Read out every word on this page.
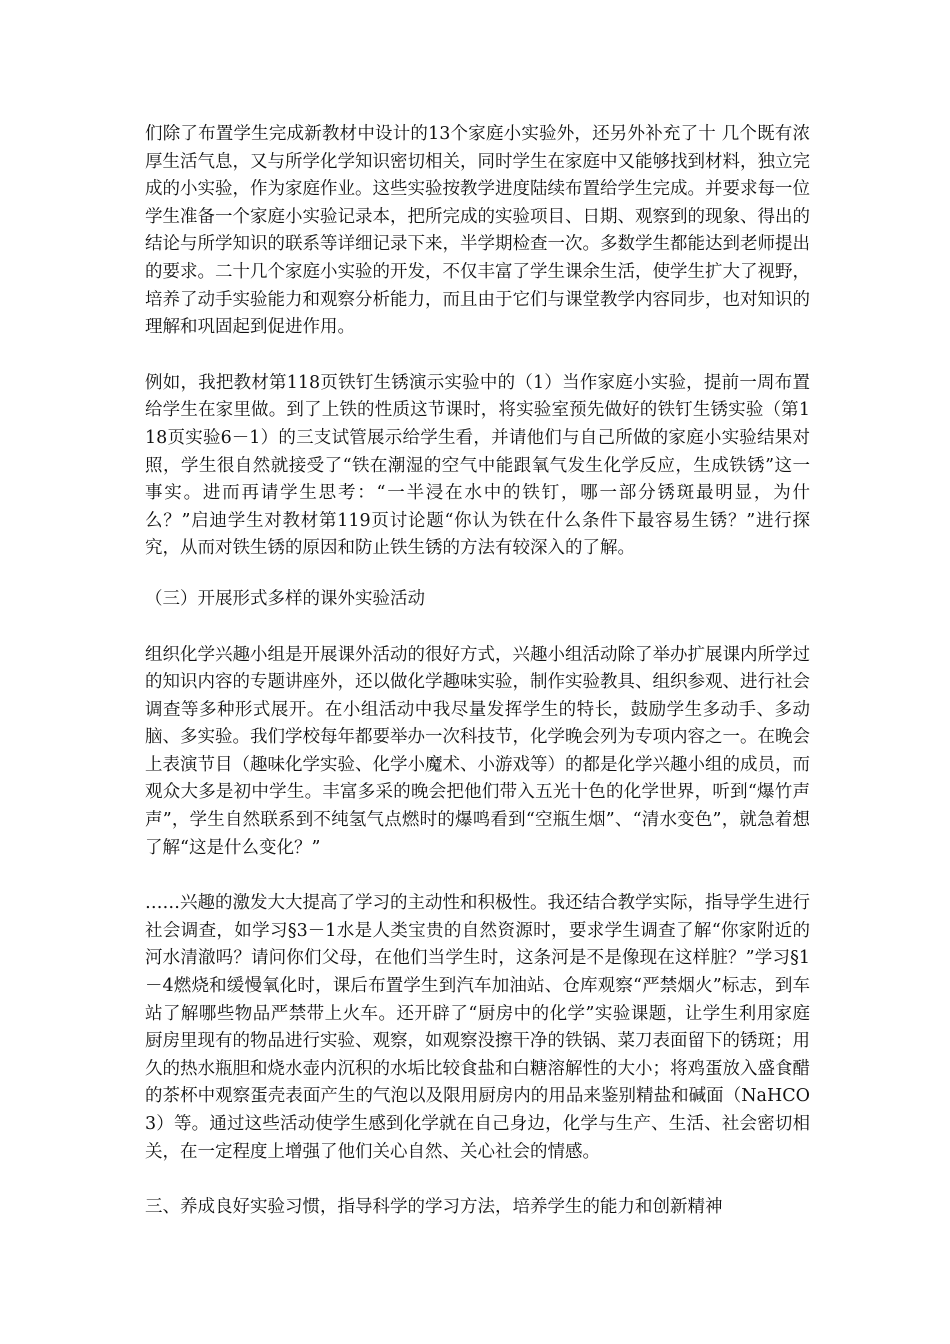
们除了布置学生完成新教材中设计的13个家庭小实验外，还另外补充了十 几个既有浓厚生活气息，又与所学化学知识密切相关，同时学生在家庭中又能够找到材料，独立完成的小实验，作为家庭作业。这些实验按教学进度陆续布置给学生完成。并要求每一位学生准备一个家庭小实验记录本，把所完成的实验项目、日期、观察到的现象、得出的结论与所学知识的联系等详细记录下来，半学期检查一次。多数学生都能达到老师提出的要求。二十几个家庭小实验的开发，不仅丰富了学生课余生活，使学生扩大了视野，培养了动手实验能力和观察分析能力，而且由于它们与课堂教学内容同步，也对知识的理解和巩固起到促进作用。

例如，我把教材第118页铁钉生锈演示实验中的（1）当作家庭小实验，提前一周布置给学生在家里做。到了上铁的性质这节课时，将实验室预先做好的铁钉生锈实验（第118页实验6－1）的三支试管展示给学生看，并请他们与自己所做的家庭小实验结果对照，学生很自然就接受了“铁在潮湿的空气中能跟氧气发生化学反应，生成铁锈”这一事实。进而再请学生思考：“一半浸在水中的铁钉，哪一部分锈斑最明显，为什么？”启迪学生对教材第119页讨论题“你认为铁在什么条件下最容易生锈？”进行探究，从而对铁生锈的原因和防止铁生锈的方法有较深入的了解。

（三）开展形式多样的课外实验活动

组织化学兴趣小组是开展课外活动的很好方式，兴趣小组活动除了举办扩展课内所学过的知识内容的专题讲座外，还以做化学趣味实验，制作实验教具、组织参观、进行社会调查等多种形式展开。在小组活动中我尽量发挥学生的特长，鼓励学生多动手、多动脑、多实验。我们学校每年都要举办一次科技节，化学晚会列为专项内容之一。在晚会上表演节目（趣味化学实验、化学小魔术、小游戏等）的都是化学兴趣小组的成员，而观众大多是初中学生。丰富多采的晚会把他们带入五光十色的化学世界，听到“爆竹声声”，学生自然联系到不纯氢气点燃时的爆鸣看到“空瓶生烟”、“清水变色”，就急着想了解“这是什么变化？”

……兴趣的激发大大提高了学习的主动性和积极性。我还结合教学实际，指导学生进行社会调查，如学习§3－1水是人类宝贵的自然资源时，要求学生调查了解“你家附近的河水清澈吗？请问你们父母，在他们当学生时，这条河是不是像现在这样脏？”学习§1－4燃烧和缓慢氧化时，课后布置学生到汽车加油站、仓库观察“严禁烟火”标志，到车站了解哪些物品严禁带上火车。还开辟了“厨房中的化学”实验课题，让学生利用家庭厨房里现有的物品进行实验、观察，如观察没擦干净的铁锅、菜刀表面留下的锈斑；用久的热水瓶胆和烧水壶内沉积的水垢比较食盐和白糖溶解性的大小；将鸡蛋放入盛食醋的茶杯中观察蛋壳表面产生的气泡以及限用厨房内的用品来鉴别精盐和碱面（NaHCO3）等。通过这些活动使学生感到化学就在自己身边，化学与生产、生活、社会密切相关，在一定程度上增强了他们关心自然、关心社会的情感。

三、养成良好实验习惯，指导科学的学习方法，培养学生的能力和创新精神
